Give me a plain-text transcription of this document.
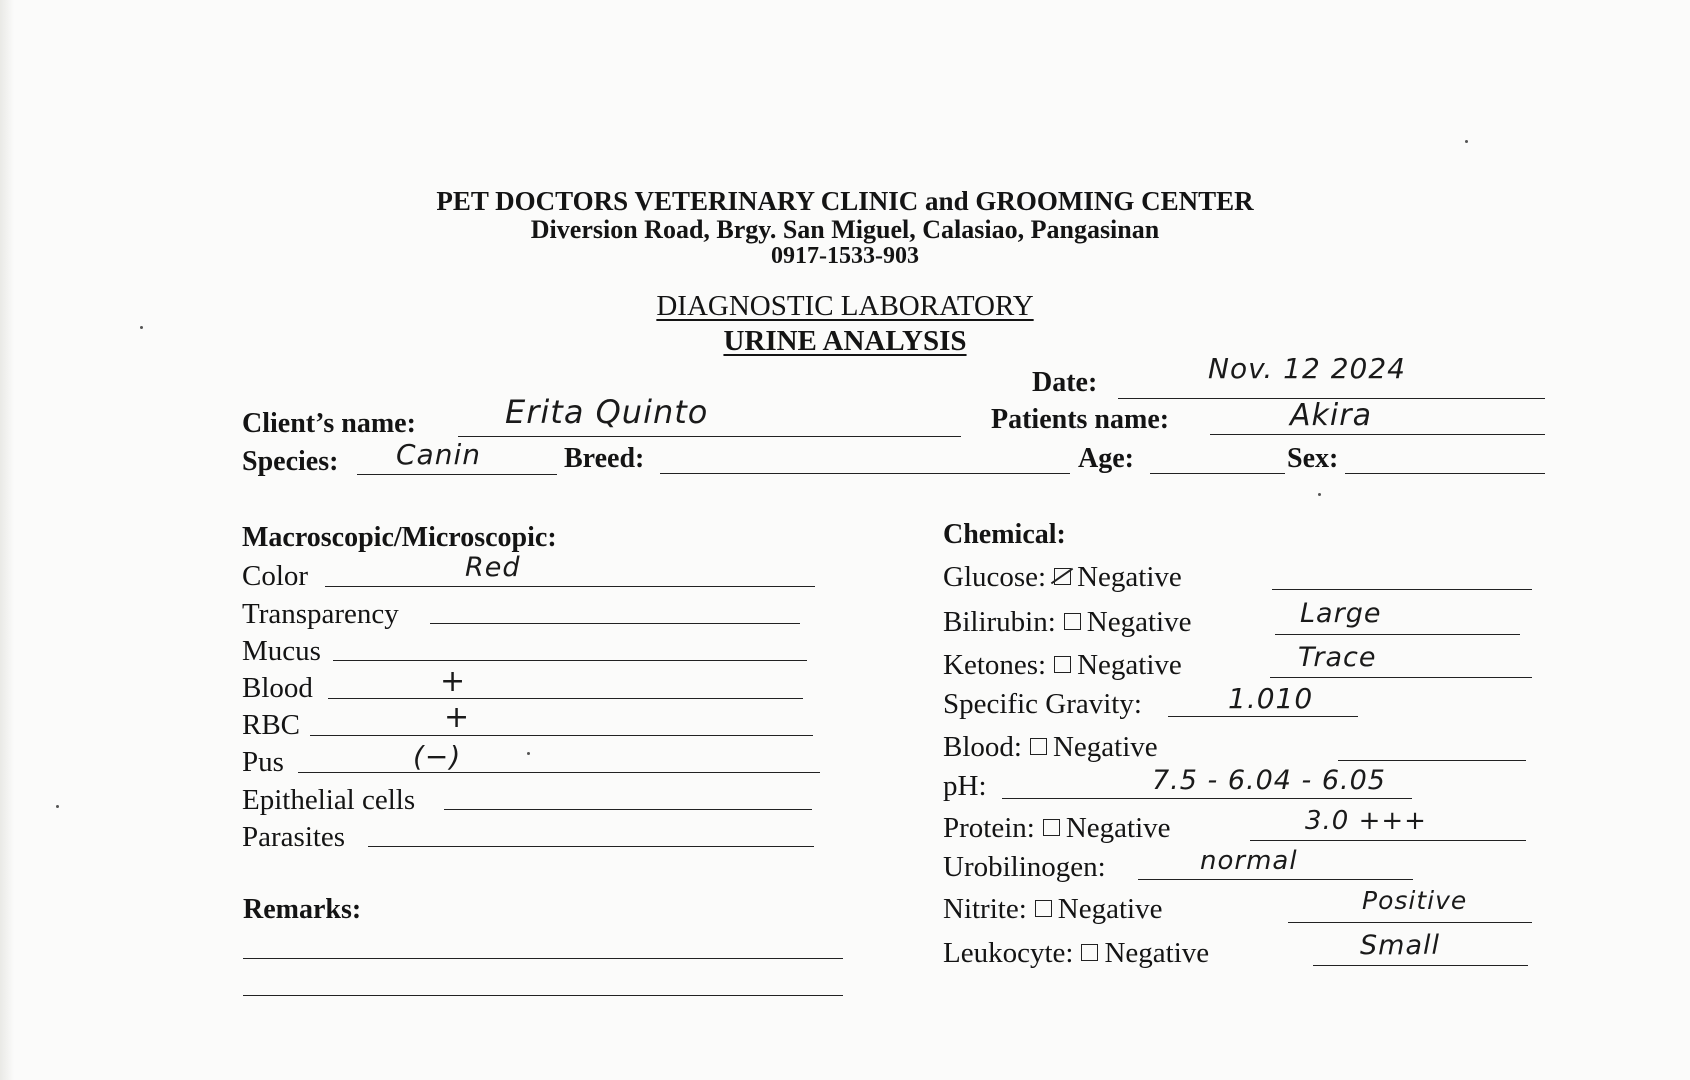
PET DOCTORS VETERINARY CLINIC and GROOMING CENTER
Diversion Road, Brgy. San Miguel, Calasiao, Pangasinan
0917-1533-903
DIAGNOSTIC LABORATORY
URINE ANALYSIS
Date:	Nov. 12 2024
Client’s name:	Erita Quinto	Patients name:	Akira
Species: Canin	Breed:	Age:	Sex:
Macroscopic/Microscopic:
Color	Red
Transparency
Mucus
Blood	+
RBC	+
Pus	(−)
Epithelial cells
Parasites
Remarks:
Chemical:
Glucose: Negative
Bilirubin: Negative	Large
Ketones: Negative	Trace
Specific Gravity:	1.010
Blood: Negative
pH:	7.5 - 6.04 - 6.05
Protein: Negative	3.0 +++
Urobilinogen:	normal
Nitrite: Negative	Positive
Leukocyte: Negative	Small
